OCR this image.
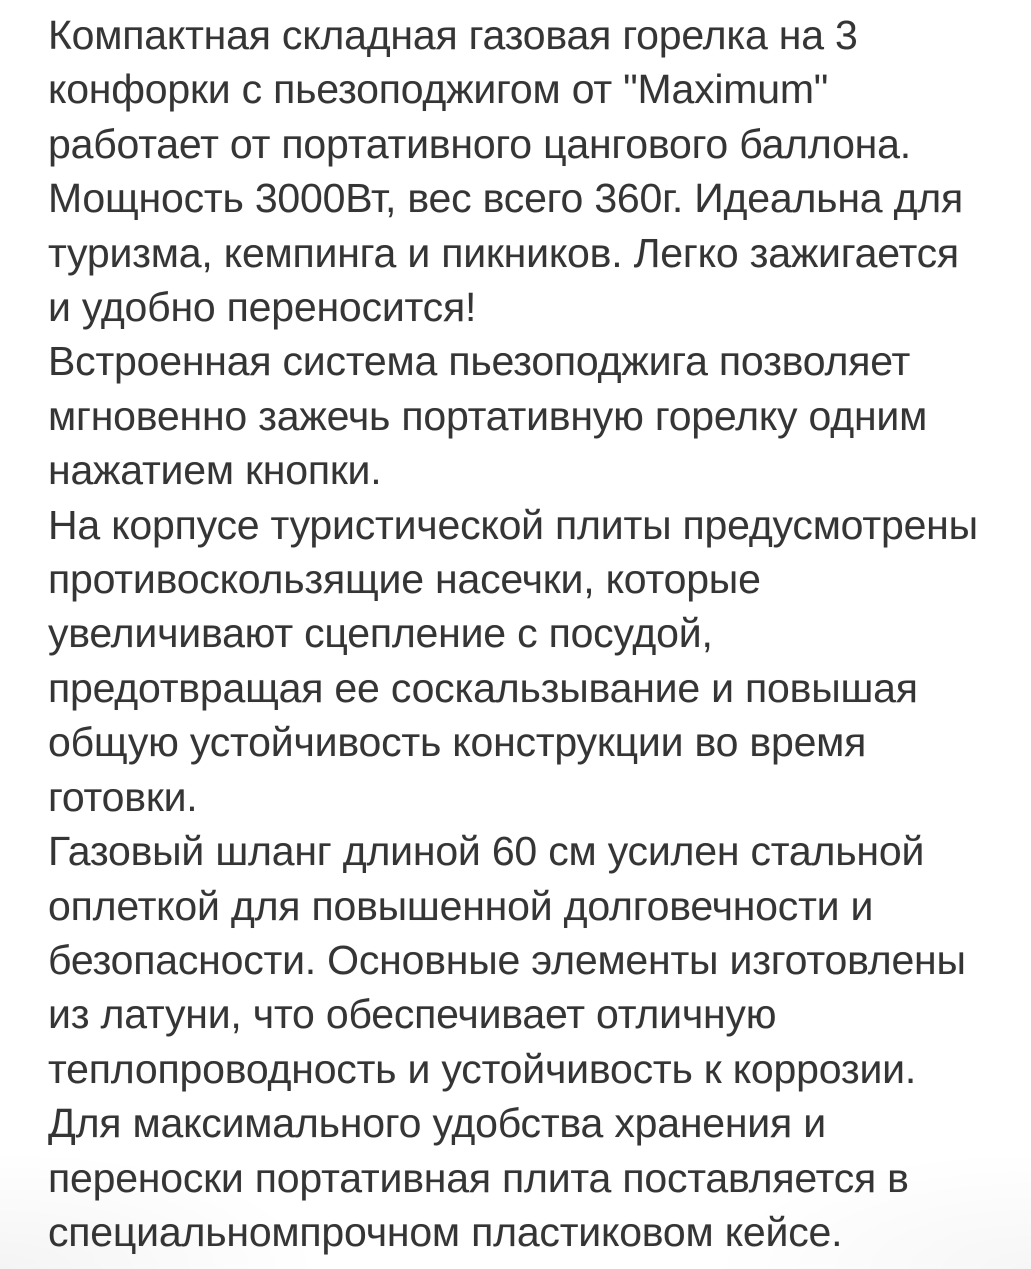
Компактная складная газовая горелка на 3
конфорки с пьезоподжигом от "Maximum"
работает от портативного цангового баллона.
Мощность 3000Вт, вес всего 360г. Идеальна для
туризма, кемпинга и пикников. Легко зажигается
и удобно переносится!
Встроенная система пьезоподжига позволяет
мгновенно зажечь портативную горелку одним
нажатием кнопки.
На корпусе туристической плиты предусмотрены
противоскользящие насечки, которые
увеличивают сцепление с посудой,
предотвращая ее соскальзывание и повышая
общую устойчивость конструкции во время
готовки.
Газовый шланг длиной 60 см усилен стальной
оплеткой для повышенной долговечности и
безопасности. Основные элементы изготовлены
из латуни, что обеспечивает отличную
теплопроводность и устойчивость к коррозии.
Для максимального удобства хранения и
переноски портативная плита поставляется в
специальномпрочном пластиковом кейсе.
